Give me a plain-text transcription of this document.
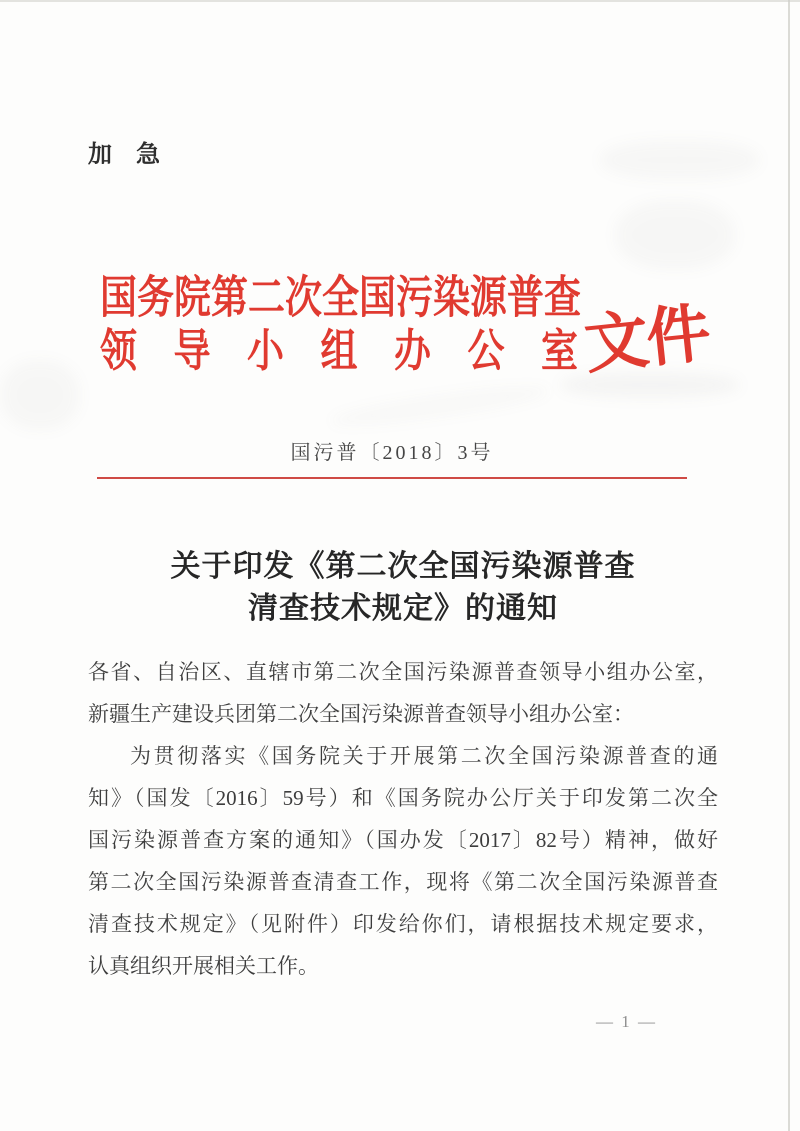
加　急
国务院第二次全国污染源普查
领导小组办公室 文件
国污普〔2018〕3号
关于印发《第二次全国污染源普查
清查技术规定》的通知
各省、自治区、直辖市第二次全国污染源普查领导小组办公室，
新疆生产建设兵团第二次全国污染源普查领导小组办公室：
为贯彻落实《国务院关于开展第二次全国污染源普查的通
知》（国发〔2016〕59号）和《国务院办公厅关于印发第二次全
国污染源普查方案的通知》（国办发〔2017〕82号）精神，做好
第二次全国污染源普查清查工作，现将《第二次全国污染源普查
清查技术规定》（见附件）印发给你们，请根据技术规定要求，
认真组织开展相关工作。
— 1 —
